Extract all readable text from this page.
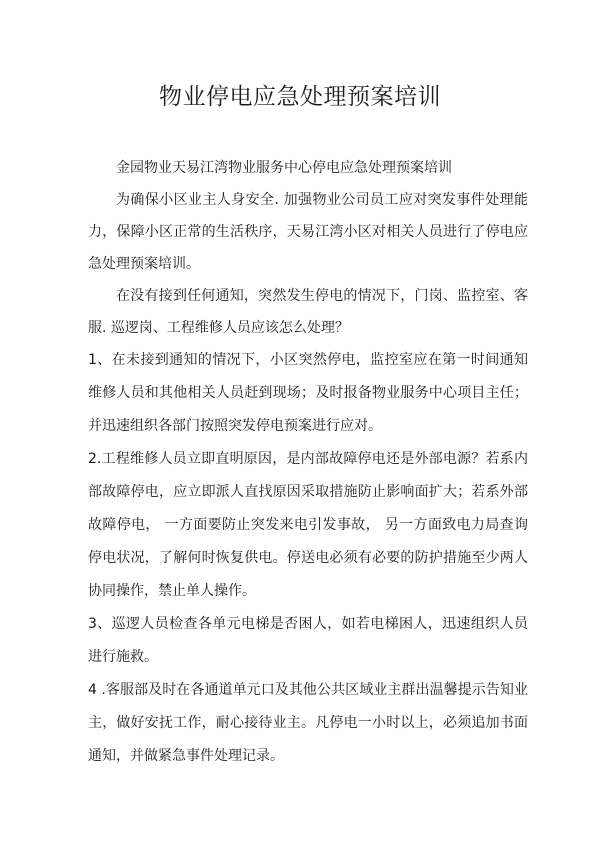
物业停电应急处理预案培训

金园物业天易江湾物业服务中心停电应急处理预案培训

为确保小区业主人身安全. 加强物业公司员工应对突发事件处理能力，保障小区正常的生活秩序，天易江湾小区对相关人员进行了停电应急处理预案培训。

在没有接到任何通知，突然发生停电的情况下，门岗、监控室、客服. 巡逻岗、工程维修人员应该怎么处理？

1、在未接到通知的情况下，小区突然停电，监控室应在第一时间通知维修人员和其他相关人员赶到现场；及时报备物业服务中心项目主任；并迅速组织各部门按照突发停电预案进行应对。

2.工程维修人员立即直明原因，是内部故障停电还是外部电源？若系内部故障停电，应立即派人直找原因采取措施防止影响面扩大；若系外部故障停电， 一方面要防止突发来电引发事故， 另一方面致电力局查询停电状况，了解何时恢复供电。停送电必须有必要的防护措施至少两人协同操作，禁止单人操作。

3、巡逻人员检查各单元电梯是否困人，如若电梯困人，迅速组织人员进行施救。

4 .客服部及时在各通道单元口及其他公共区域业主群出温馨提示告知业主，做好安抚工作，耐心接待业主。凡停电一小时以上，必须追加书面通知，并做紧急事件处理记录。
